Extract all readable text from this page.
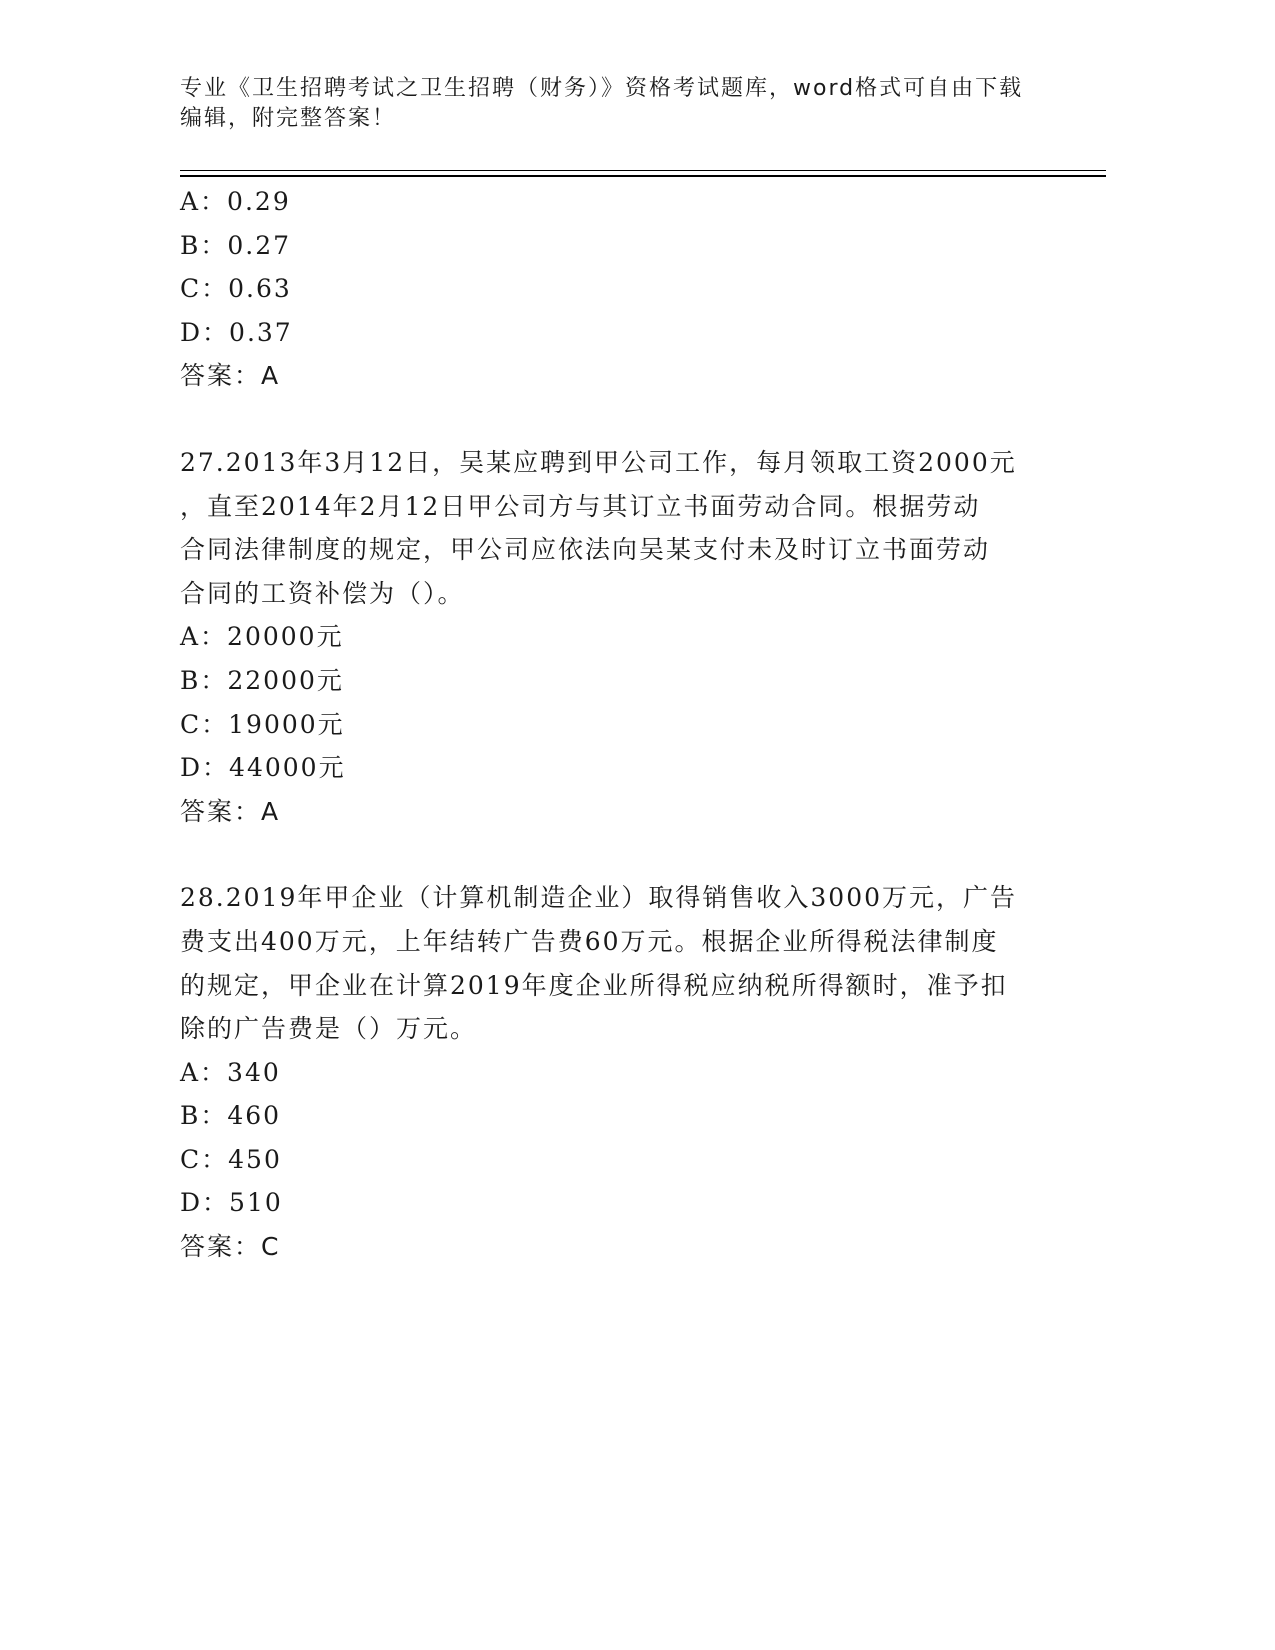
专业《卫生招聘考试之卫生招聘（财务）》资格考试题库，word格式可自由下载
编辑，附完整答案！
A：0.29
B：0.27
C：0.63
D：0.37
答案：A
27.2013年3月12日，吴某应聘到甲公司工作，每月领取工资2000元
，直至2014年2月12日甲公司方与其订立书面劳动合同。根据劳动
合同法律制度的规定，甲公司应依法向吴某支付未及时订立书面劳动
合同的工资补偿为（）。
A：20000元
B：22000元
C：19000元
D：44000元
答案：A
28.2019年甲企业（计算机制造企业）取得销售收入3000万元，广告
费支出400万元，上年结转广告费60万元。根据企业所得税法律制度
的规定，甲企业在计算2019年度企业所得税应纳税所得额时，准予扣
除的广告费是（）万元。
A：340
B：460
C：450
D：510
答案：C
